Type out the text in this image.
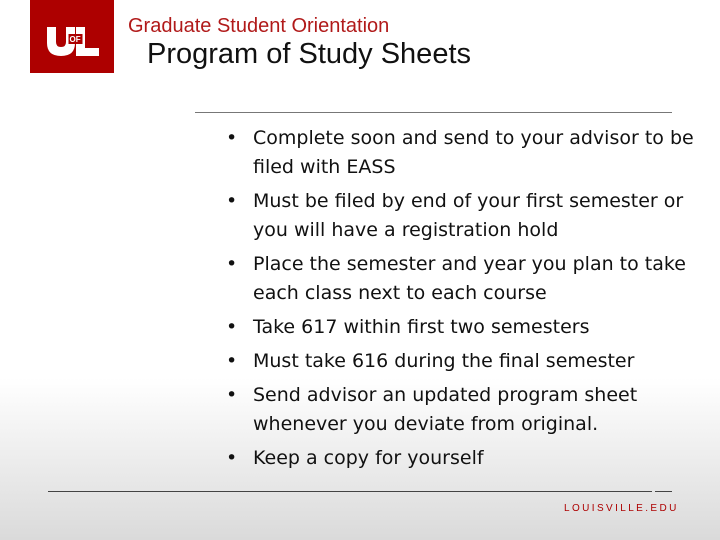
OF
Graduate Student Orientation
Program of Study Sheets
• Complete soon and send to your advisor to be filed with EASS
• Must be filed by end of your first semester or you will have a registration hold
• Place the semester and year you plan to take each class next to each course
• Take 617 within first two semesters
• Must take 616 during the final semester
• Send advisor an updated program sheet whenever you deviate from original.
• Keep a copy for yourself
LOUISVILLE.EDU
